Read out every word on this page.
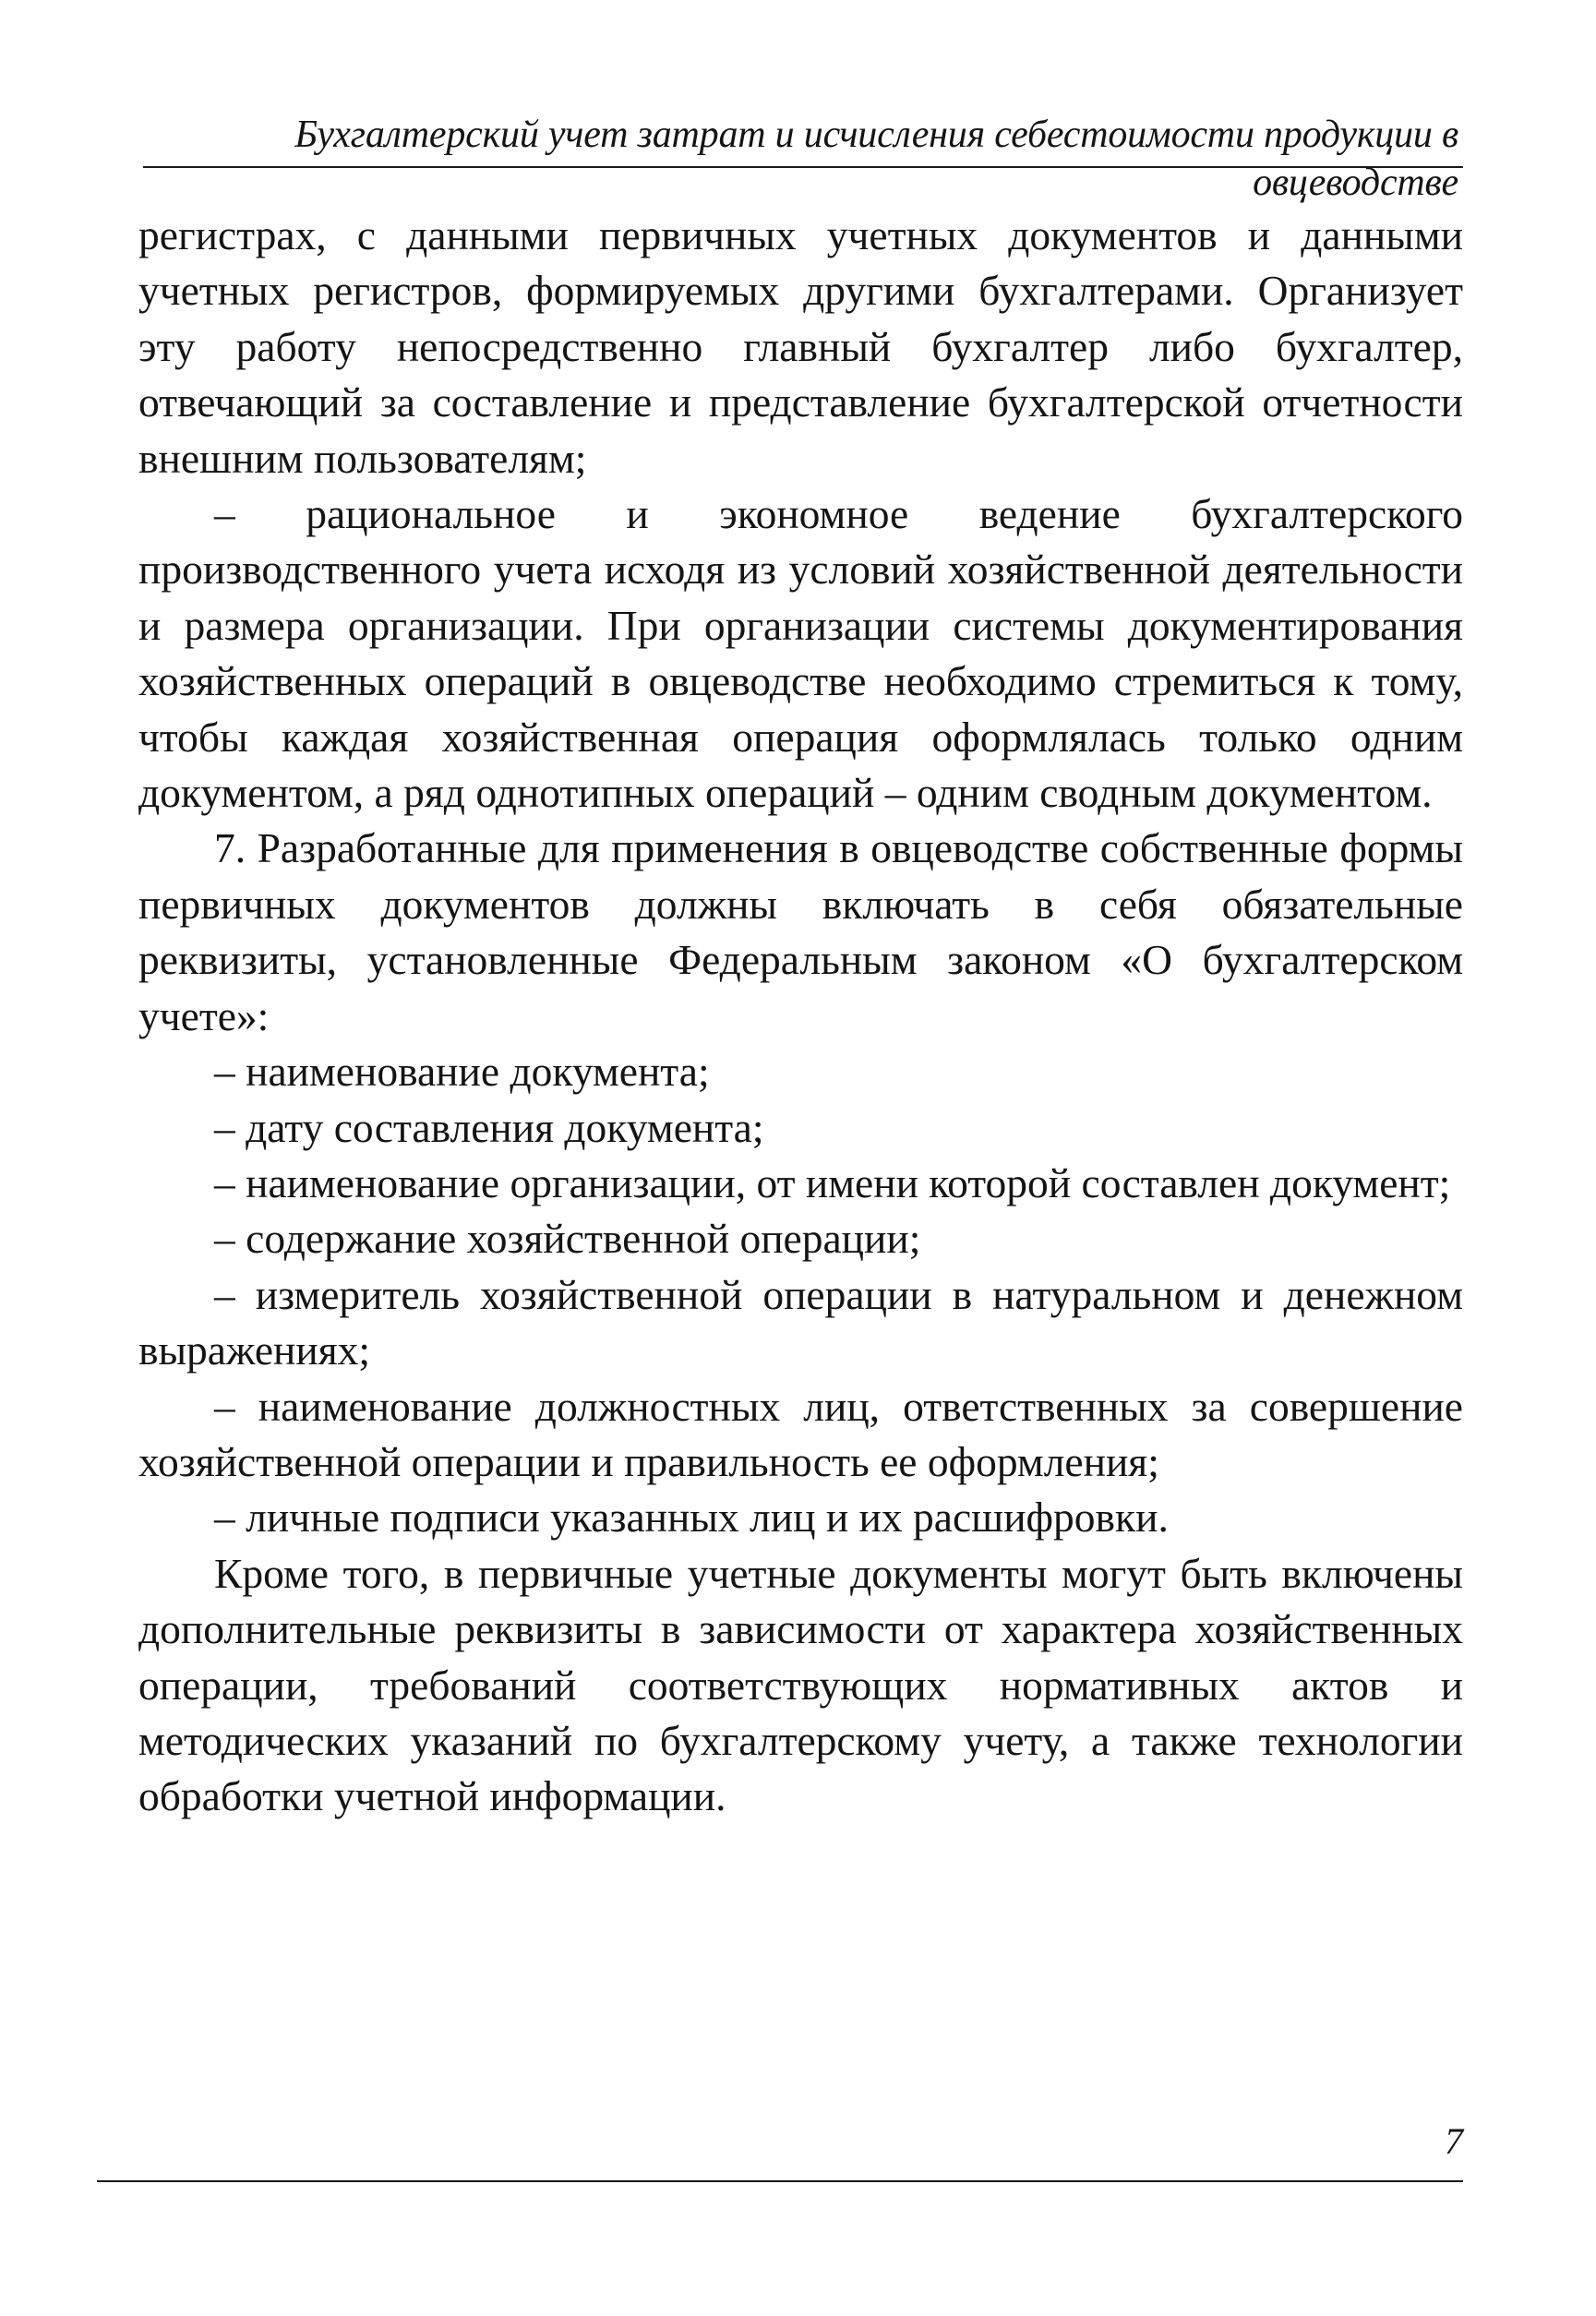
Бухгалтерский учет затрат и исчисления себестоимости продукции в овцеводстве

регистрах, с данными первичных учетных документов и данными учетных регистров, формируемых другими бухгалтерами. Организует эту работу непосредственно главный бухгалтер либо бухгалтер, отвечающий за составление и представление бухгалтерской отчетности внешним пользователям;

– рациональное и экономное ведение бухгалтерского производственного учета исходя из условий хозяйственной деятельности и размера организации. При организации системы документирования хозяйственных операций в овцеводстве необходимо стремиться к тому, чтобы каждая хозяйственная операция оформлялась только одним документом, а ряд однотипных операций – одним сводным документом.

7. Разработанные для применения в овцеводстве собственные формы первичных документов должны включать в себя обязательные реквизиты, установленные Федеральным законом «О бухгалтерском учете»:

– наименование документа;

– дату составления документа;

– наименование организации, от имени которой составлен документ;

– содержание хозяйственной операции;

– измеритель хозяйственной операции в натуральном и денежном выражениях;

– наименование должностных лиц, ответственных за совершение хозяйственной операции и правильность ее оформления;

– личные подписи указанных лиц и их расшифровки.

Кроме того, в первичные учетные документы могут быть включены дополнительные реквизиты в зависимости от характера хозяйственных операции, требований соответствующих нормативных актов и методических указаний по бухгалтерскому учету, а также технологии обработки учетной информации.

7
